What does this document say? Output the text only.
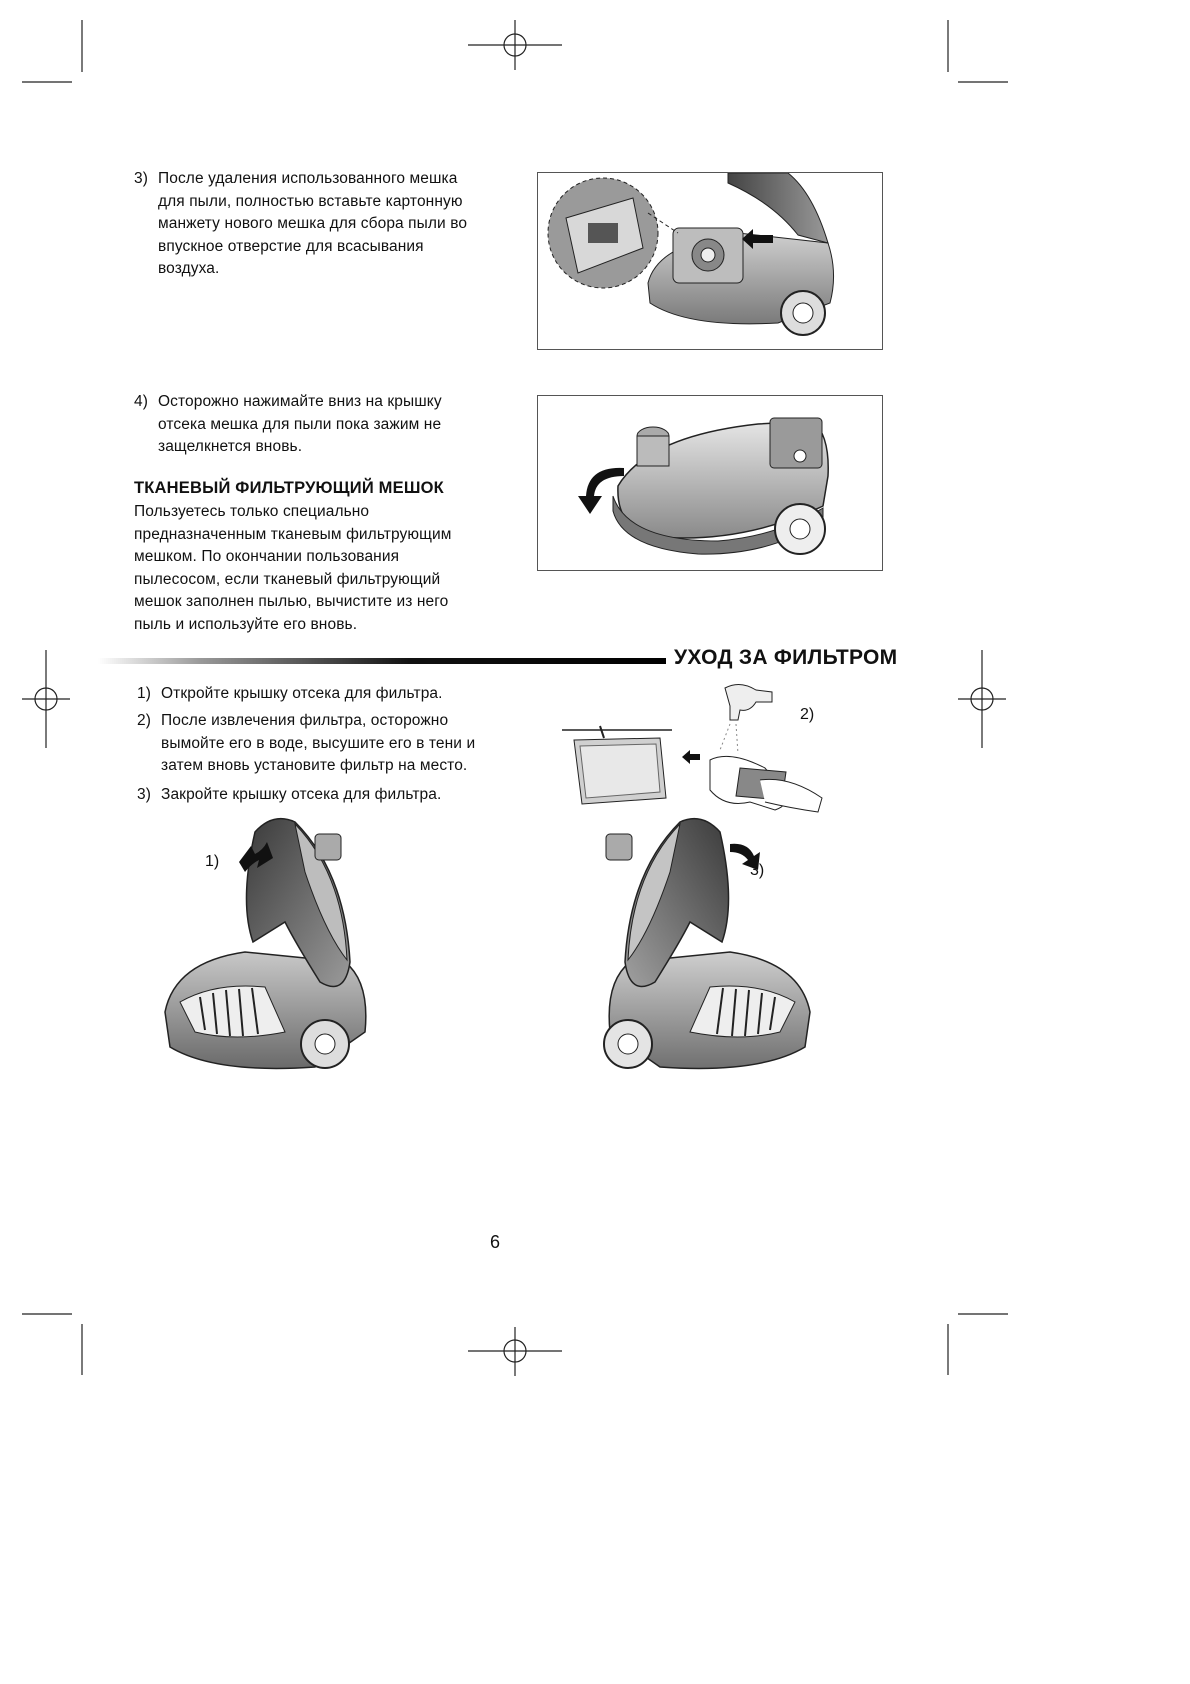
3) После удаления использованного мешка
для пыли, полностью вставьте картонную
манжету нового мешка для сбора пыли во
впускное отверстие для всасывания
воздуха.
4) Осторожно нажимайте вниз на крышку
отсека мешка для пыли пока зажим не
защелкнется вновь.
ТКАНЕВЫЙ ФИЛЬТРУЮЩИЙ МЕШОК
Пользуетесь только специально
предназначенным тканевым фильтрующим
мешком. По окончании пользования
пылесосом, если тканевый фильтрующий
мешок заполнен пылью, вычистите из него
пыль и используйте его вновь.
УХОД ЗА ФИЛЬТРОМ
1) Откройте крышку отсека для фильтра.
2) После извлечения фильтра, осторожно
вымойте его в воде, высушите его в тени и
затем вновь установите фильтр на место.
3) Закройте крышку отсека для фильтра.
2)
1)
3)
6
